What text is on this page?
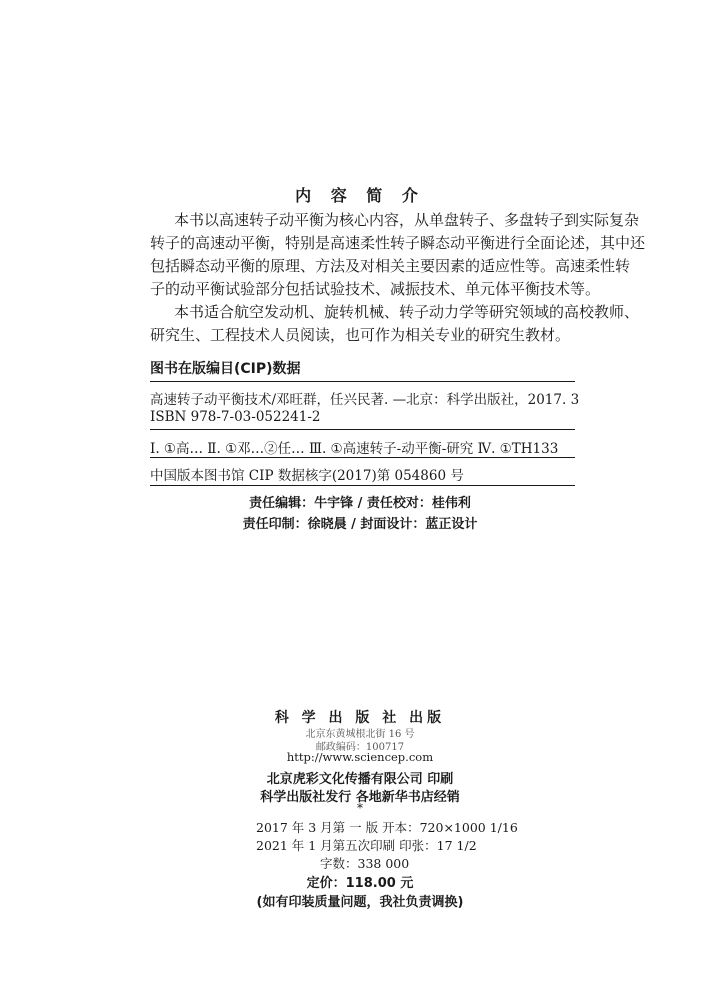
内 容 简 介
本书以高速转子动平衡为核心内容，从单盘转子、多盘转子到实际复杂
转子的高速动平衡，特别是高速柔性转子瞬态动平衡进行全面论述，其中还
包括瞬态动平衡的原理、方法及对相关主要因素的适应性等。高速柔性转
子的动平衡试验部分包括试验技术、减振技术、单元体平衡技术等。
本书适合航空发动机、旋转机械、转子动力学等研究领域的高校教师、
研究生、工程技术人员阅读，也可作为相关专业的研究生教材。
图书在版编目(CIP)数据
高速转子动平衡技术/邓旺群，任兴民著. —北京：科学出版社，2017. 3
ISBN 978-7-03-052241-2
Ⅰ. ①高… Ⅱ. ①邓…②任… Ⅲ. ①高速转子-动平衡-研究 Ⅳ. ①TH133
中国版本图书馆 CIP 数据核字(2017)第 054860 号
责任编辑：牛宇锋 / 责任校对：桂伟利
责任印制：徐晓晨 / 封面设计：蓝正设计
科 学 出 版 社 出版
北京东黄城根北街 16 号
邮政编码：100717
http://www.sciencep.com
北京虎彩文化传播有限公司 印刷
科学出版社发行 各地新华书店经销
*
2017 年 3 月第 一 版 开本：720×1000 1/16
2021 年 1 月第五次印刷 印张：17 1/2
字数：338 000
定价：118.00 元
(如有印装质量问题，我社负责调换)
